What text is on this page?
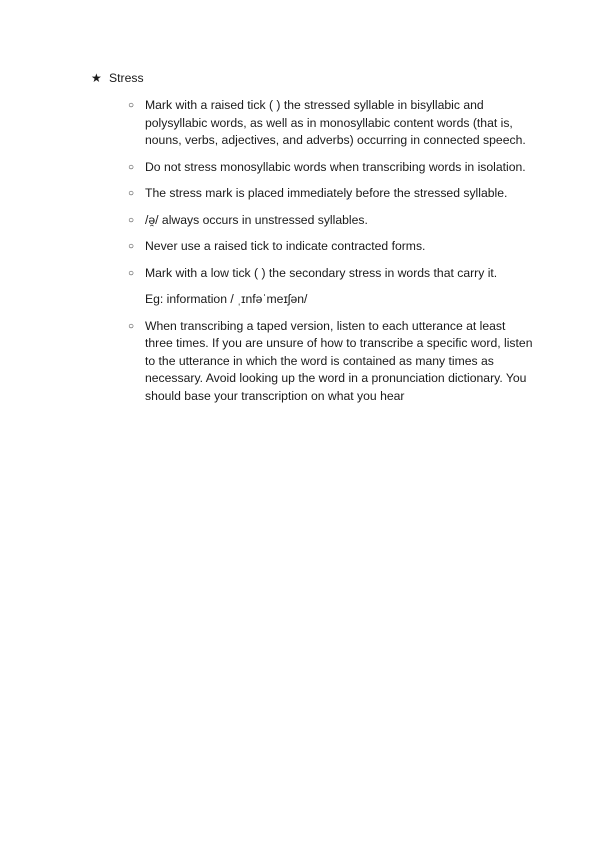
★ Stress
○ Mark with a raised tick ( ) the stressed syllable in bisyllabic and polysyllabic words, as well as in monosyllabic content words (that is, nouns, verbs, adjectives, and adverbs) occurring in connected speech.
○ Do not stress monosyllabic words when transcribing words in isolation.
○ The stress mark is placed immediately before the stressed syllable.
○ /ə̯/ always occurs in unstressed syllables.
○ Never use a raised tick to indicate contracted forms.
○ Mark with a low tick ( ) the secondary stress in words that carry it.
Eg: information / ˌɪnfəˈmeɪʃən/
○ When transcribing a taped version, listen to each utterance at least three times. If you are unsure of how to transcribe a specific word, listen to the utterance in which the word is contained as many times as necessary. Avoid looking up the word in a pronunciation dictionary. You should base your transcription on what you hear
